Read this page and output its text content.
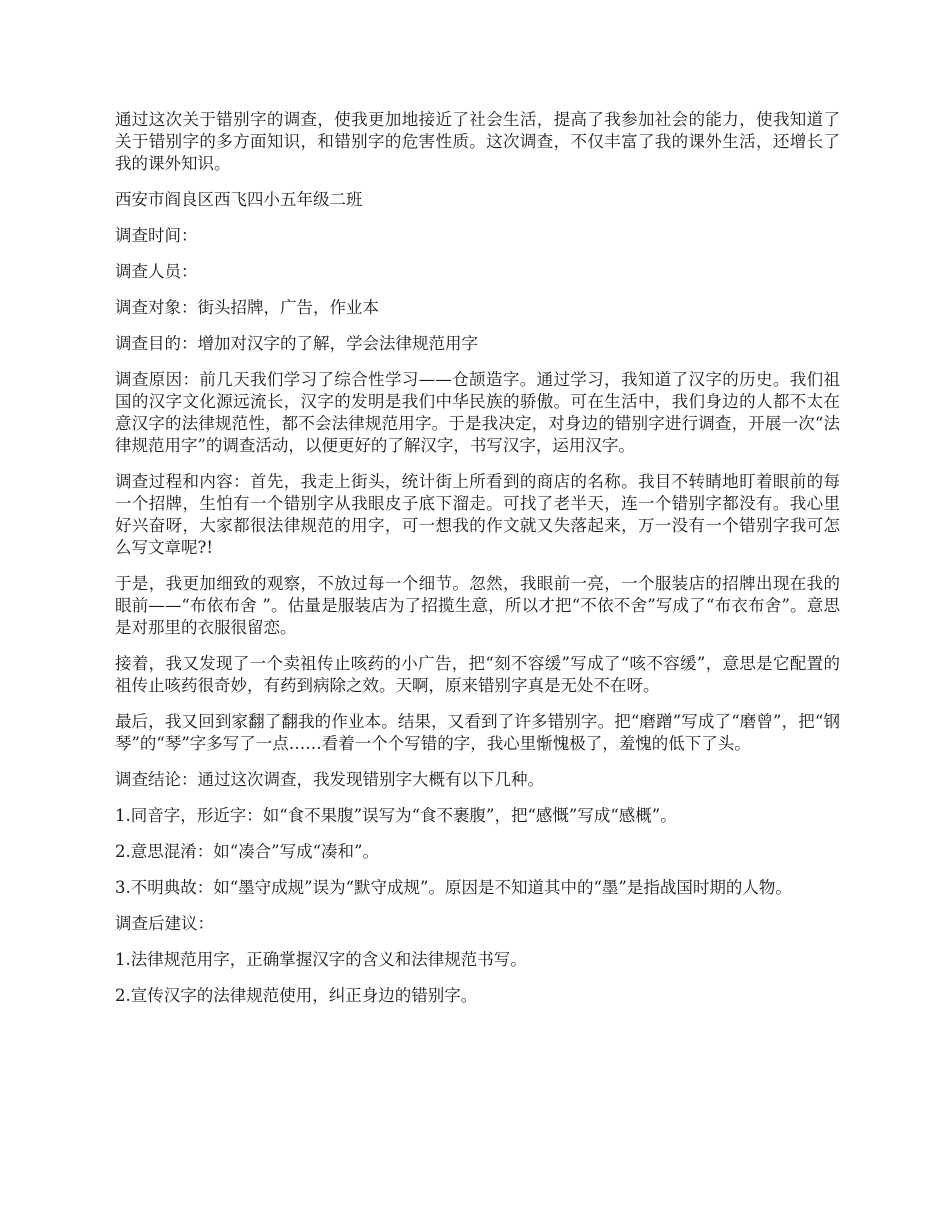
通过这次关于错别字的调查，使我更加地接近了社会生活，提高了我参加社会的能力，使我知道了关于错别字的多方面知识，和错别字的危害性质。这次调查，不仅丰富了我的课外生活，还增长了我的课外知识。

西安市阎良区西飞四小五年级二班

调查时间：

调查人员：

调查对象：街头招牌，广告，作业本

调查目的：增加对汉字的了解，学会法律规范用字

调查原因：前几天我们学习了综合性学习——仓颉造字。通过学习，我知道了汉字的历史。我们祖国的汉字文化源远流长，汉字的发明是我们中华民族的骄傲。可在生活中，我们身边的人都不太在意汉字的法律规范性，都不会法律规范用字。于是我决定，对身边的错别字进行调查，开展一次“法律规范用字”的调查活动，以便更好的了解汉字，书写汉字，运用汉字。

调查过程和内容：首先，我走上街头，统计街上所看到的商店的名称。我目不转睛地盯着眼前的每一个招牌，生怕有一个错别字从我眼皮子底下溜走。可找了老半天，连一个错别字都没有。我心里好兴奋呀，大家都很法律规范的用字，可一想我的作文就又失落起来，万一没有一个错别字我可怎么写文章呢?!

于是，我更加细致的观察，不放过每一个细节。忽然，我眼前一亮，一个服装店的招牌出现在我的眼前——“布依布舍 ”。估量是服装店为了招揽生意，所以才把“不依不舍”写成了“布衣布舍”。意思是对那里的衣服很留恋。

接着，我又发现了一个卖祖传止咳药的小广告，把“刻不容缓”写成了“咳不容缓”，意思是它配置的祖传止咳药很奇妙，有药到病除之效。天啊，原来错别字真是无处不在呀。

最后，我又回到家翻了翻我的作业本。结果，又看到了许多错别字。把“磨蹭”写成了“磨曾”，把“钢琴”的“琴”字多写了一点……看着一个个写错的字，我心里惭愧极了，羞愧的低下了头。

调查结论：通过这次调查，我发现错别字大概有以下几种。

1.同音字，形近字：如“食不果腹”误写为“食不裹腹”，把“感慨”写成“感概”。

2.意思混淆：如“凑合”写成“凑和”。

3.不明典故：如“墨守成规”误为“默守成规”。原因是不知道其中的“墨”是指战国时期的人物。

调查后建议：

1.法律规范用字，正确掌握汉字的含义和法律规范书写。

2.宣传汉字的法律规范使用，纠正身边的错别字。
